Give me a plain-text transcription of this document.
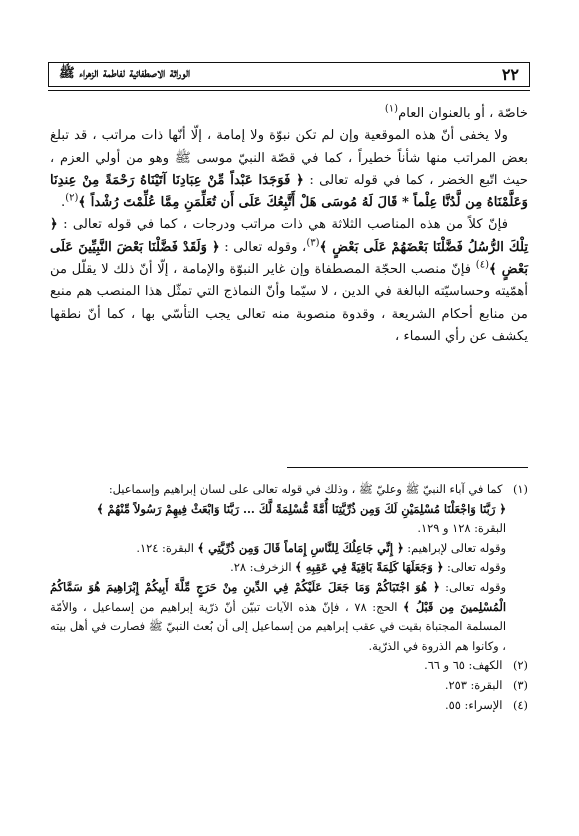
٢٢
الوراثة الاصطفائية لفاطمة الزهراء ﷺ

خاصّة ، أو بالعنوان العام$^{(١)}$

ولا يخفى أنّ هذه الموقعية وإن لم تكن نبوّة ولا إمامة ، إلّا أنّها ذات مراتب ، قد تبلغ بعض المراتب منها شأناً خطيراً ، كما في قصّة النبيّ موسى ﷺ وهو من أولي العزم ، حيث اتّبع الخضر ، كما في قوله تعالى : ﴿ فَوَجَدَا عَبْداً مِّنْ عِبَادِنَا آتَيْنَاهُ رَحْمَةً مِنْ عِندِنَا وَعَلَّمْنَاهُ مِن لَّدُنَّا عِلْماً * قَالَ لَهُ مُوسَى هَلْ أَتَّبِعُكَ عَلَى أَن تُعَلِّمَنِ مِمَّا عُلِّمْتَ رُشْداً ﴾$^{(٢)}$.

فإنّ كلاً من هذه المناصب الثلاثة هي ذات مراتب ودرجات ، كما في قوله تعالى : ﴿ تِلْكَ الرُّسُلُ فَضَّلْنَا بَعْضَهُمْ عَلَى بَعْضٍ ﴾$^{(٣)}$، وقوله تعالى : ﴿ وَلَقَدْ فَضَّلْنَا بَعْضَ النَّبِيِّينَ عَلَى بَعْضٍ ﴾$^{(٤)}$ فإنّ منصب الحجّة المصطفاة وإن غاير النبوّة والإمامة ، إلّا أنّ ذلك لا يقلّل من أهمّيته وحساسيّته البالغة في الدين ، لا سيّما وأنّ النماذج التي تمثّل هذا المنصب هم منبع من منابع أحكام الشريعة ، وقدوة منصوبة منه تعالى يجب التأسّي بها ، كما أنّ نطقها يكشف عن رأي السماء ،

(١) كما في آباء النبيّ ﷺ وعليّ ﷺ ، وذلك في قوله تعالى على لسان إبراهيم وإسماعيل:

﴿ رَبَّنَا وَاجْعَلْنَا مُسْلِمَيْنِ لَكَ وَمِن ذُرِّيَّتِنَا أُمَّةً مُّسْلِمَةً لَّكَ ... رَبَّنَا وَابْعَثْ فِيهِمْ رَسُولاً مِّنْهُمْ ﴾

البقرة: ١٢٨ و ١٢٩.

وقوله تعالى لإبراهيم: ﴿ إِنِّي جَاعِلُكَ لِلنَّاسِ إِمَاماً قَالَ وَمِن ذُرِّيَّتِي ﴾ البقرة: ١٢٤.

وقوله تعالى: ﴿ وَجَعَلَهَا كَلِمَةً بَاقِيَةً فِي عَقِبِهِ ﴾ الزخرف: ٢٨.

وقوله تعالى: ﴿ هُوَ اجْتَبَاكُمْ وَمَا جَعَلَ عَلَيْكُمْ فِي الدِّينِ مِنْ حَرَجٍ مِّلَّةَ أَبِيكُمْ إِبْرَاهِيمَ هُوَ سَمَّاكُمُ الْمُسْلِمينَ مِن قَبْلُ ﴾ الحج: ٧٨ ، فإنّ هذه الآيات تبيّن أنّ ذرّية إبراهيم من إسماعيل ، والأمّة المسلمة المجتباة بقيت في عقب إبراهيم من إسماعيل إلى أن بُعث النبيّ ﷺ فصارت في أهل بيته ، وكانوا هم الذروة في الذرّية.

(٢) الكهف: ٦٥ و ٦٦.

(٣) البقرة: ٢٥٣.

(٤) الإسراء: ٥٥.
